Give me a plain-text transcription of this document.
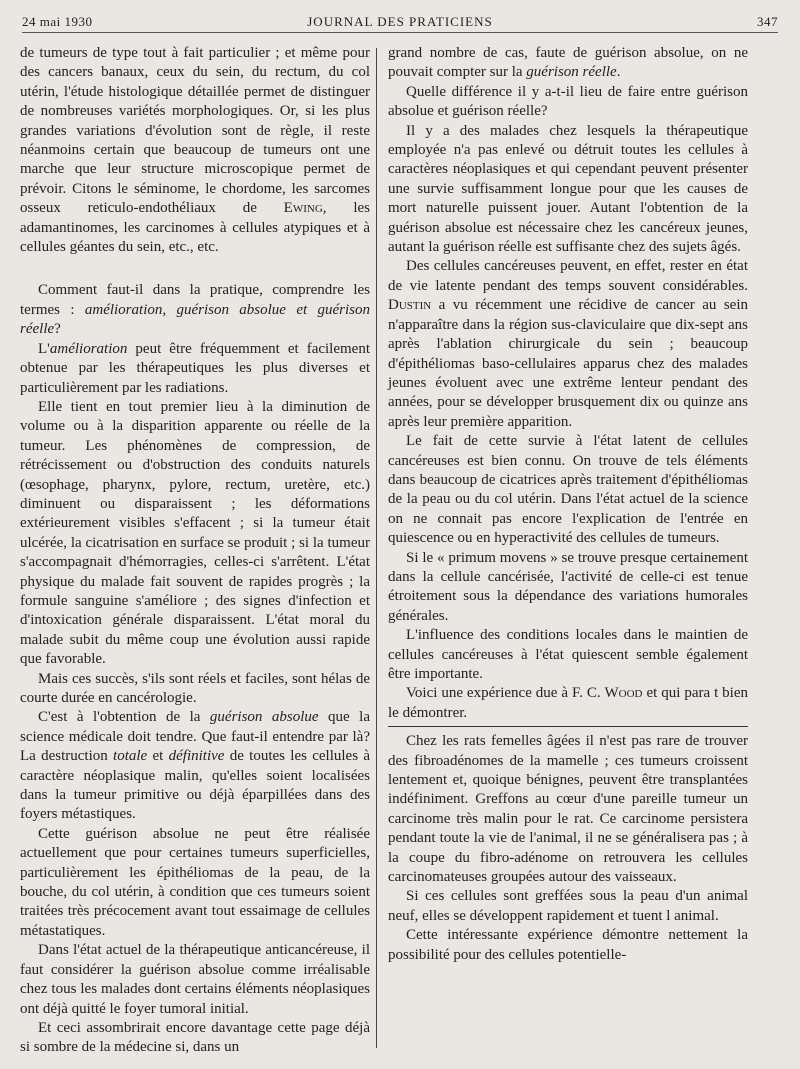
24 mai 1930	JOURNAL DES PRATICIENS	347

de tumeurs de type tout à fait particulier ; et même pour des cancers banaux, ceux du sein, du rectum, du col utérin, l'étude histologique détaillée permet de distinguer de nombreuses variétés morphologiques. Or, si les plus grandes variations d'évolution sont de règle, il reste néanmoins certain que beaucoup de tumeurs ont une marche que leur structure microscopique permet de prévoir. Citons le séminome, le chordome, les sarcomes osseux reticulo-endothéliaux de Ewing, les adamantinomes, les carcinomes à cellules atypiques et à cellules géantes du sein, etc., etc.

Comment faut-il dans la pratique, comprendre les termes : amélioration, guérison absolue et guérison réelle?

L'amélioration peut être fréquemment et facilement obtenue par les thérapeutiques les plus diverses et particulièrement par les radiations.

Elle tient en tout premier lieu à la diminution de volume ou à la disparition apparente ou réelle de la tumeur. Les phénomènes de compression, de rétrécissement ou d'obstruction des conduits naturels (œsophage, pharynx, pylore, rectum, uretère, etc.) diminuent ou disparaissent ; les déformations extérieurement visibles s'effacent ; si la tumeur était ulcérée, la cicatrisation en surface se produit ; si la tumeur s'accompagnait d'hémorragies, celles-ci s'arrêtent. L'état physique du malade fait souvent de rapides progrès ; la formule sanguine s'améliore ; des signes d'infection et d'intoxication générale disparaissent. L'état moral du malade subit du même coup une évolution aussi rapide que favorable.

Mais ces succès, s'ils sont réels et faciles, sont hélas de courte durée en cancérologie.

C'est à l'obtention de la guérison absolue que la science médicale doit tendre. Que faut-il entendre par là? La destruction totale et définitive de toutes les cellules à caractère néoplasique malin, qu'elles soient localisées dans la tumeur primitive ou déjà éparpillées dans des foyers métastiques.

Cette guérison absolue ne peut être réalisée actuellement que pour certaines tumeurs superficielles, particulièrement les épithéliomas de la peau, de la bouche, du col utérin, à condition que ces tumeurs soient traitées très précocement avant tout essaimage de cellules métastatiques.

Dans l'état actuel de la thérapeutique anticancéreuse, il faut considérer la guérison absolue comme irréalisable chez tous les malades dont certains éléments néoplasiques ont déjà quitté le foyer tumoral initial.

Et ceci assombrirait encore davantage cette page déjà si sombre de la médecine si, dans un

grand nombre de cas, faute de guérison absolue, on ne pouvait compter sur la guérison réelle.

Quelle différence il y a-t-il lieu de faire entre guérison absolue et guérison réelle?

Il y a des malades chez lesquels la thérapeutique employée n'a pas enlevé ou détruit toutes les cellules à caractères néoplasiques et qui cependant peuvent présenter une survie suffisamment longue pour que les causes de mort naturelle puissent jouer. Autant l'obtention de la guérison absolue est nécessaire chez les cancéreux jeunes, autant la guérison réelle est suffisante chez des sujets âgés.

Des cellules cancéreuses peuvent, en effet, rester en état de vie latente pendant des temps souvent considérables. Dustin a vu récemment une récidive de cancer au sein n'apparaître dans la région sus-claviculaire que dix-sept ans après l'ablation chirurgicale du sein ; beaucoup d'épithéliomas baso-cellulaires apparus chez des malades jeunes évoluent avec une extrême lenteur pendant des années, pour se développer brusquement dix ou quinze ans après leur première apparition.

Le fait de cette survie à l'état latent de cellules cancéreuses est bien connu. On trouve de tels éléments dans beaucoup de cicatrices après traitement d'épithéliomas de la peau ou du col utérin. Dans l'état actuel de la science on ne connait pas encore l'explication de l'entrée en quiescence ou en hyperactivité des cellules de tumeurs.

Si le « primum movens » se trouve presque certainement dans la cellule cancérisée, l'activité de celle-ci est tenue étroitement sous la dépendance des variations humorales générales.

L'influence des conditions locales dans le maintien de cellules cancéreuses à l'état quiescent semble également être importante.

Voici une expérience due à F. C. Wood et qui para t bien le démontrer.

Chez les rats femelles âgées il n'est pas rare de trouver des fibroadénomes de la mamelle ; ces tumeurs croissent lentement et, quoique bénignes, peuvent être transplantées indéfiniment. Greffons au cœur d'une pareille tumeur un carcinome très malin pour le rat. Ce carcinome persistera pendant toute la vie de l'animal, il ne se généralisera pas ; à la coupe du fibro-adénome on retrouvera les cellules carcinomateuses groupées autour des vaisseaux.

Si ces cellules sont greffées sous la peau d'un animal neuf, elles se développent rapidement et tuent l animal.

Cette intéressante expérience démontre nettement la possibilité pour des cellules potentielle-
